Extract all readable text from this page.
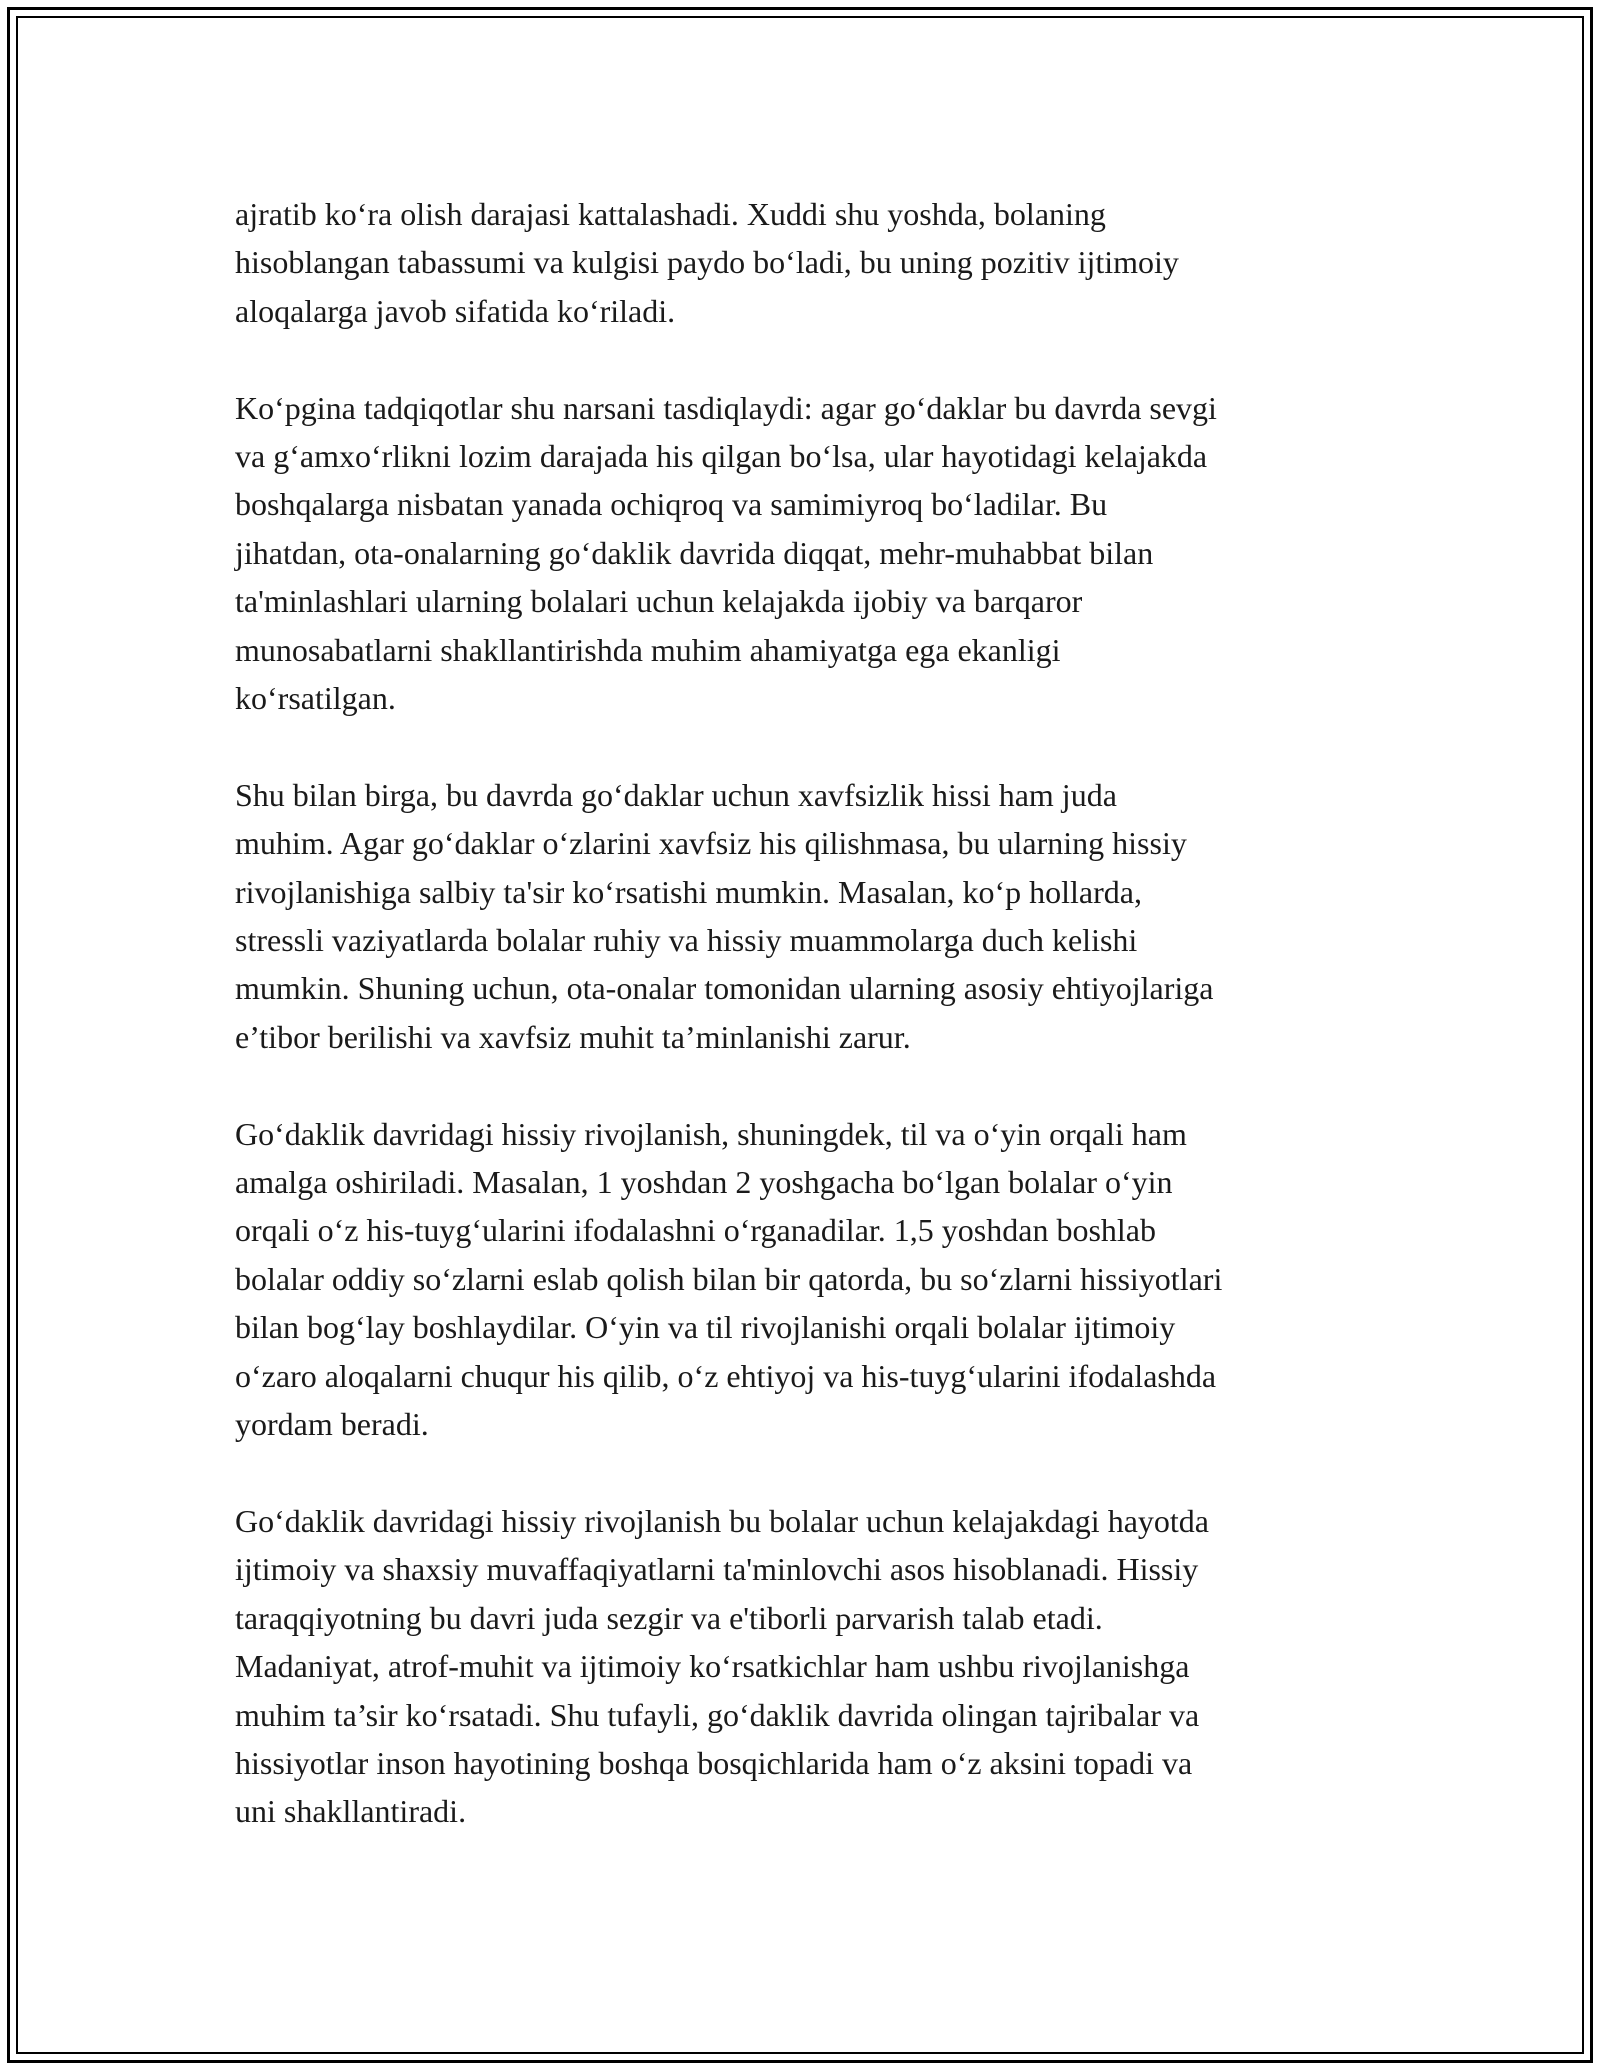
ajratib ko‘ra olish darajasi kattalashadi. Xuddi shu yoshda, bolaning
hisoblangan tabassumi va kulgisi paydo bo‘ladi, bu uning pozitiv ijtimoiy
aloqalarga javob sifatida ko‘riladi.

Ko‘pgina tadqiqotlar shu narsani tasdiqlaydi: agar go‘daklar bu davrda sevgi
va g‘amxo‘rlikni lozim darajada his qilgan bo‘lsa, ular hayotidagi kelajakda
boshqalarga nisbatan yanada ochiqroq va samimiyroq bo‘ladilar. Bu
jihatdan, ota-onalarning go‘daklik davrida diqqat, mehr-muhabbat bilan
ta'minlashlari ularning bolalari uchun kelajakda ijobiy va barqaror
munosabatlarni shakllantirishda muhim ahamiyatga ega ekanligi
ko‘rsatilgan.

Shu bilan birga, bu davrda go‘daklar uchun xavfsizlik hissi ham juda
muhim. Agar go‘daklar o‘zlarini xavfsiz his qilishmasa, bu ularning hissiy
rivojlanishiga salbiy ta'sir ko‘rsatishi mumkin. Masalan, ko‘p hollarda,
stressli vaziyatlarda bolalar ruhiy va hissiy muammolarga duch kelishi
mumkin. Shuning uchun, ota-onalar tomonidan ularning asosiy ehtiyojlariga
e’tibor berilishi va xavfsiz muhit ta’minlanishi zarur.

Go‘daklik davridagi hissiy rivojlanish, shuningdek, til va o‘yin orqali ham
amalga oshiriladi. Masalan, 1 yoshdan 2 yoshgacha bo‘lgan bolalar o‘yin
orqali o‘z his-tuyg‘ularini ifodalashni o‘rganadilar. 1,5 yoshdan boshlab
bolalar oddiy so‘zlarni eslab qolish bilan bir qatorda, bu so‘zlarni hissiyotlari
bilan bog‘lay boshlaydilar. O‘yin va til rivojlanishi orqali bolalar ijtimoiy
o‘zaro aloqalarni chuqur his qilib, o‘z ehtiyoj va his-tuyg‘ularini ifodalashda
yordam beradi.

Go‘daklik davridagi hissiy rivojlanish bu bolalar uchun kelajakdagi hayotda
ijtimoiy va shaxsiy muvaffaqiyatlarni ta'minlovchi asos hisoblanadi. Hissiy
taraqqiyotning bu davri juda sezgir va e'tiborli parvarish talab etadi.
Madaniyat, atrof-muhit va ijtimoiy ko‘rsatkichlar ham ushbu rivojlanishga
muhim ta’sir ko‘rsatadi. Shu tufayli, go‘daklik davrida olingan tajribalar va
hissiyotlar inson hayotining boshqa bosqichlarida ham o‘z aksini topadi va
uni shakllantiradi.
